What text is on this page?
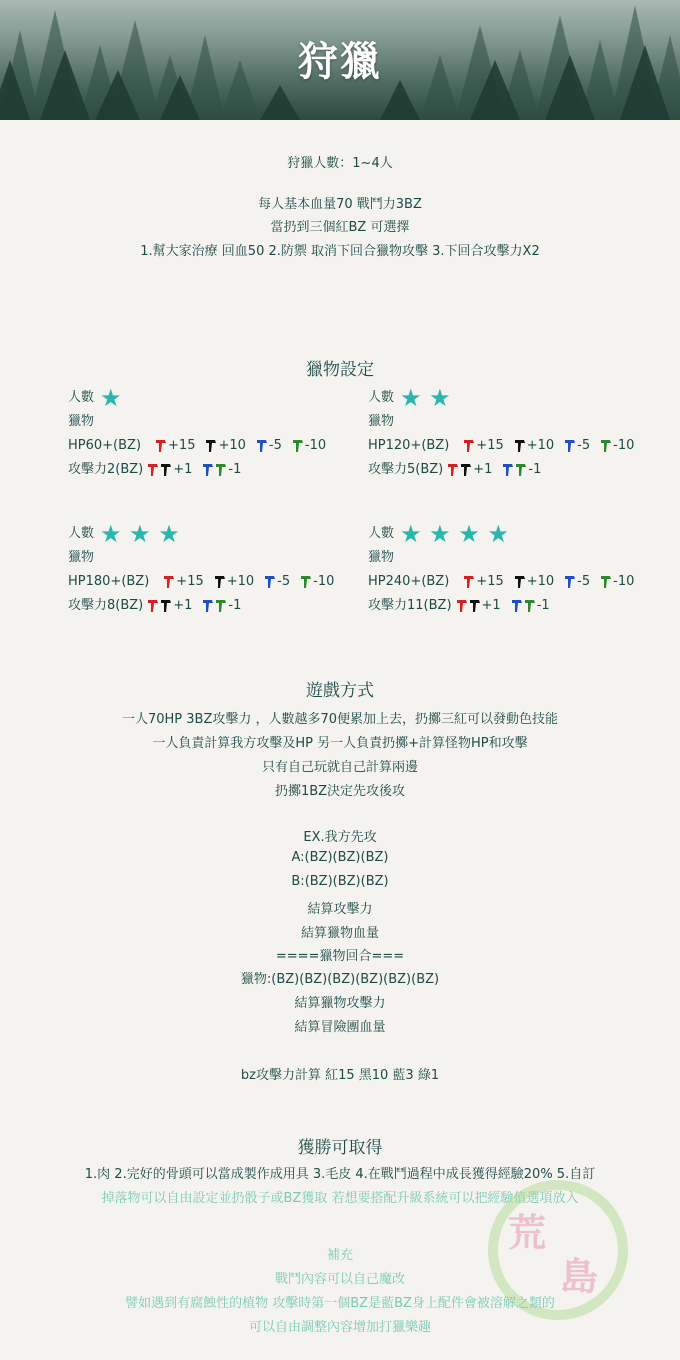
狩獵
狩獵人數：1~4人
每人基本血量70 戰鬥力3BZ
當扔到三個紅BZ 可選擇
1.幫大家治療 回血50 2.防禦 取消下回合獵物攻擊 3.下回合攻擊力X2
獵物設定
人數 ★
獵物
HP60+(BZ) +15 +10 -5 -10
攻擊力2(BZ) +1	-1
人數 ★ ★
獵物
HP120+(BZ) +15 +10 -5 -10
攻擊力5(BZ) +1	-1
人數 ★ ★ ★
獵物
HP180+(BZ) +15 +10 -5 -10
攻擊力8(BZ) +1	-1
人數 ★ ★ ★ ★
獵物
HP240+(BZ) +15 +10 -5 -10
攻擊力11(BZ) +1	-1
遊戲方式
一人70HP 3BZ攻擊力 ，人數越多70便累加上去，扔擲三紅可以發動色技能
一人負責計算我方攻擊及HP 另一人負責扔擲+計算怪物HP和攻擊
只有自己玩就自己計算兩邊
扔擲1BZ決定先攻後攻
EX.我方先攻
A:(BZ)(BZ)(BZ)
B:(BZ)(BZ)(BZ)
結算攻擊力
結算獵物血量
====獵物回合===
獵物:(BZ)(BZ)(BZ)(BZ)(BZ)(BZ)
結算獵物攻擊力
結算冒險團血量
bz攻擊力計算 紅15 黑10 藍3 綠1
獲勝可取得
1.肉 2.完好的骨頭可以當成製作成用具 3.毛皮 4.在戰鬥過程中成長獲得經驗20% 5.自訂
掉落物可以自由設定並扔骰子或BZ獲取 若想要搭配升級系統可以把經驗值選項放入
荒
島
補充
戰鬥內容可以自己魔改
譬如遇到有腐蝕性的植物 攻擊時第一個BZ是藍BZ身上配件會被溶解之類的
可以自由調整內容增加打獵樂趣
